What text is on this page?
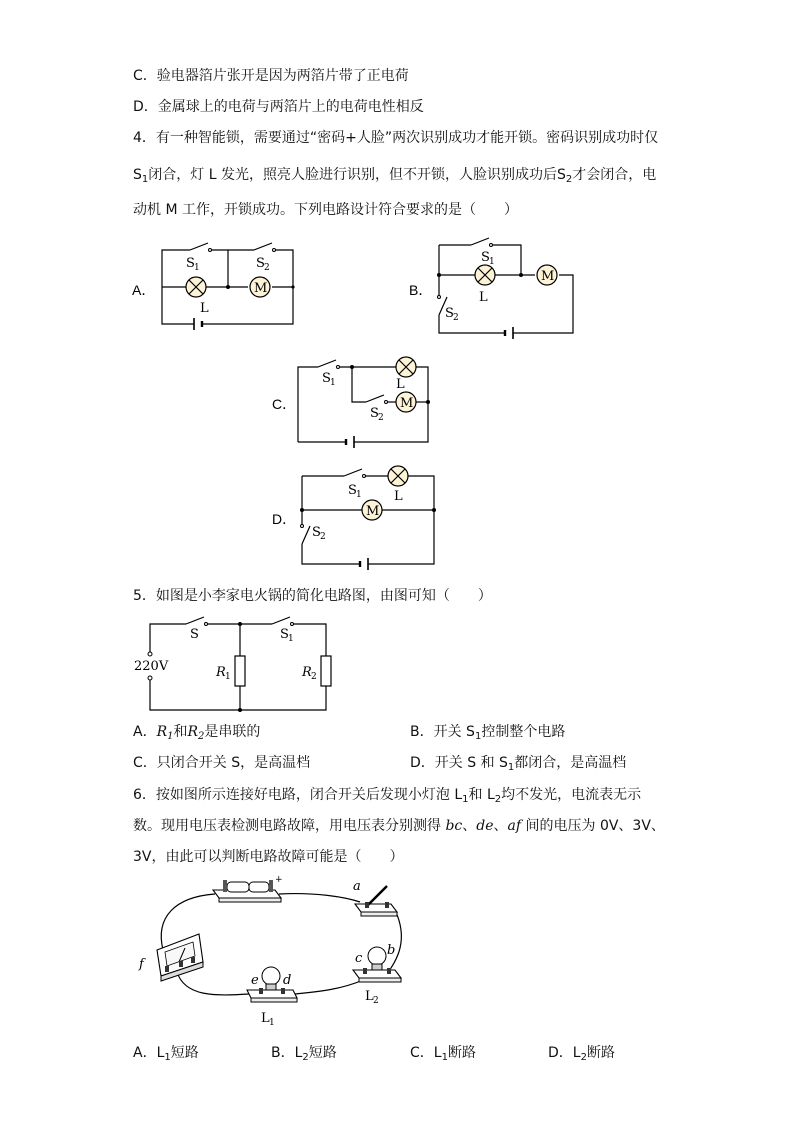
C．验电器箔片张开是因为两箔片带了正电荷
D．金属球上的电荷与两箔片上的电荷电性相反
4．有一种智能锁，需要通过“密码+人脸”两次识别成功才能开锁。密码识别成功时仅
$S_1$闭合，灯 L 发光，照亮人脸进行识别，但不开锁，人脸识别成功后$S_2$才会闭合，电
动机 M 工作，开锁成功。下列电路设计符合要求的是（　　）
A．	M
S 1	S 2
L
B．
M
S 1
L
S 2
C．	M
S 1	L
S 2
D．	M
S 1 L
S 2
5．如图是小李家电火锅的简化电路图，由图可知（　　）
S	S 1
220V	R 1	R 2
A．$R_1$和$R_2$是串联的	B．开关 $S_1$控制整个电路
C．只闭合开关 S，是高温档	D．开关 S 和 $S_1$都闭合，是高温档
6．按如图所示连接好电路，闭合开关后发现小灯泡 $L_1$和 $L_2$均不发光，电流表无示
数。现用电压表检测电路故障，用电压表分别测得 bc、de、af 间的电压为 0V、3V、
3V，由此可以判断电路故障可能是（　　）
+	a
f
e d
L 1
c
b
L 2
A．$L_1$短路	B．$L_2$短路	C．$L_1$断路	D．$L_2$断路
